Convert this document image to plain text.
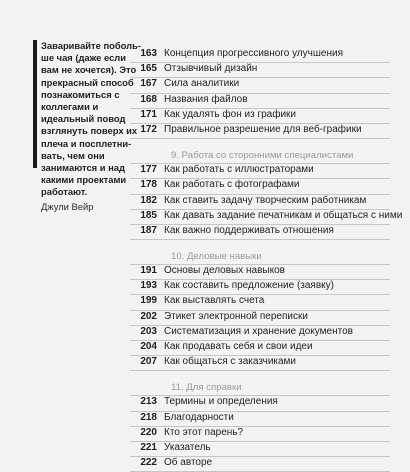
Заваривайте поболь-
ше чая (даже если
вам не хочется). Это
прекрасный способ
познакомиться с
коллегами и
идеальный повод
взглянуть поверх их
плеча и посплетни-
вать, чем они
занимаются и над
какими проектами
работают.
Джули Вейр
163 Концепция прогрессивного улучшения
165 Отзывчивый дизайн
167 Сила аналитики
168 Названия файлов
171 Как удалять фон из графики
172 Правильное разрешение для веб-графики
9. Работа со сторонними специалистами
177 Как работать с иллюстраторами
178 Как работать с фотографами
182 Как ставить задачу творческим работникам
185 Как давать задание печатникам и общаться с ними
187 Как важно поддерживать отношения
10. Деловые навыки
191 Основы деловых навыков
193 Как составить предложение (заявку)
199 Как выставлять счета
202 Этикет электронной переписки
203 Систематизация и хранение документов
204 Как продавать себя и свои идеи
207 Как общаться с заказчиками
11. Для справки
213 Термины и определения
218 Благодарности
220 Кто этот парень?
221 Указатель
222 Об авторе
